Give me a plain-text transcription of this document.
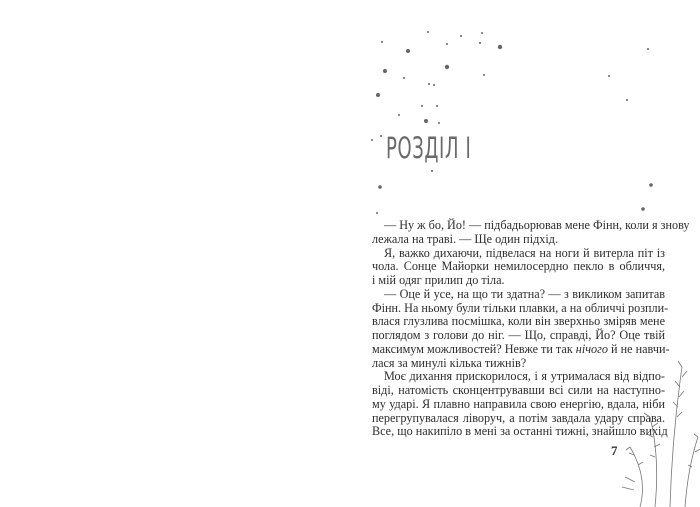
РОЗДІЛ І
— Ну ж бо, Йо! — підбадьорював мене Фінн, коли я знову
лежала на траві. — Ще один підхід.
Я, важко дихаючи, підвелася на ноги й витерла піт із
чола. Сонце Майорки немилосердно пекло в обличчя,
і мій одяг прилип до тіла.
— Оце й усе, на що ти здатна? — з викликом запитав
Фінн. На ньому були тільки плавки, а на обличчі розпли-
влася глузлива посмішка, коли він зверхньо зміряв мене
поглядом з голови до ніг. — Що, справді, Йо? Оце твій
максимум можливостей? Невже ти так нічого й не навчи-
лася за минулі кілька тижнів?
Моє дихання прискорилося, і я утрималася від відпо-
віді, натомість сконцентрувавши всі сили на наступно-
му ударі. Я плавно направила свою енергію, вдала, ніби
перегрупувалася ліворуч, а потім завдала удару справа.
Все, що накипіло в мені за останні тижні, знайшло вихід
7
